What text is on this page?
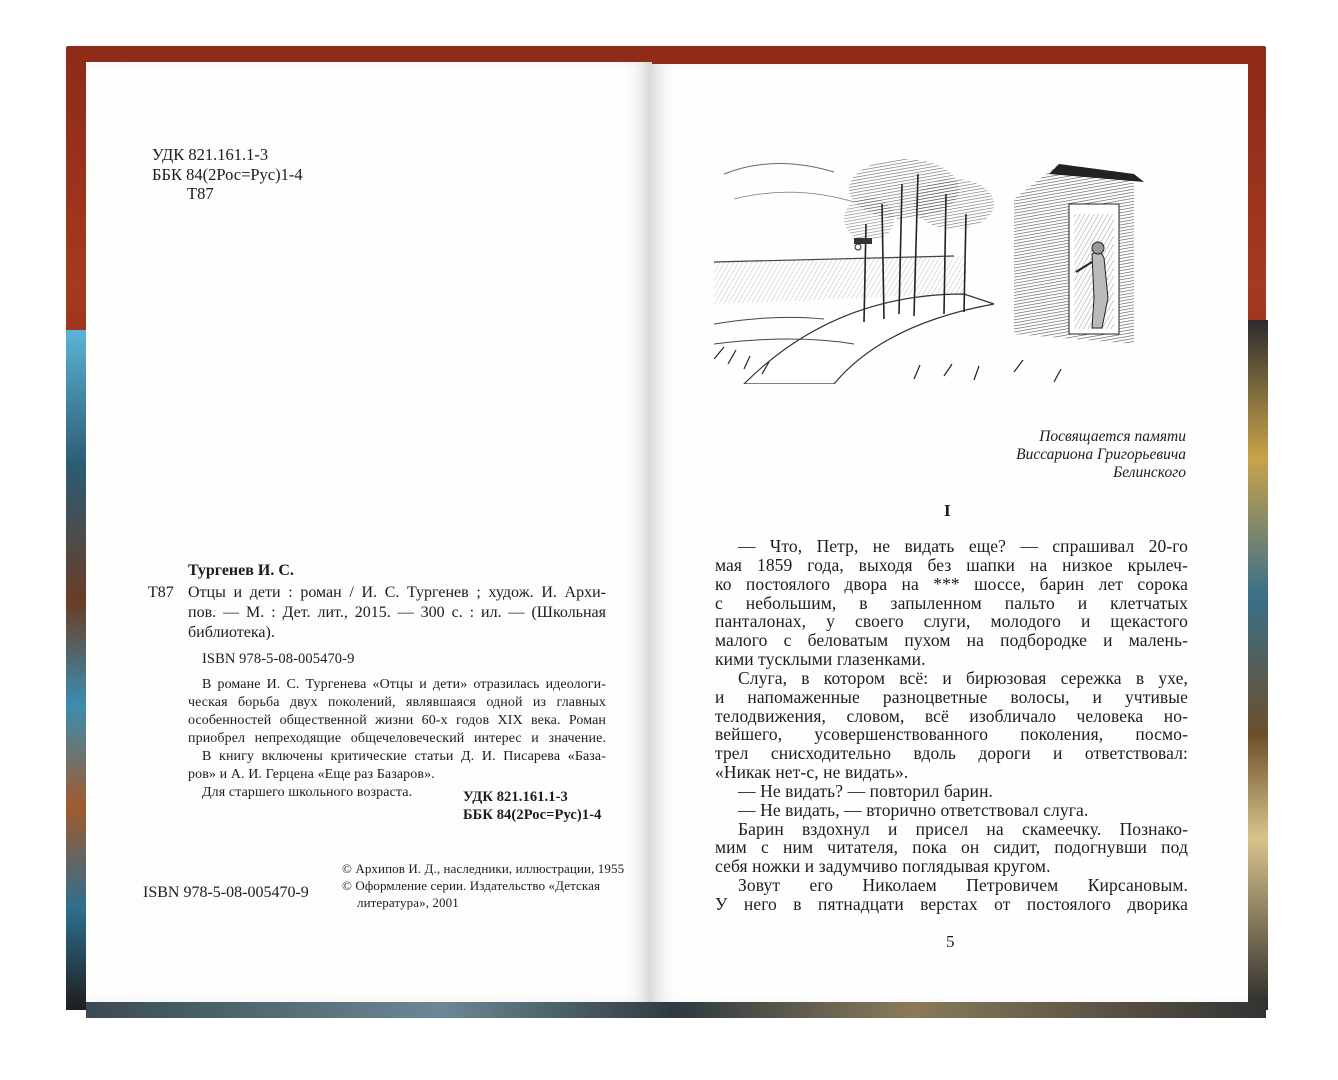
УДК 821.161.1-3
ББК 84(2Рос=Рус)1-4
Т87
Тургенев И. С.
Т87 Отцы и дети : роман / И. С. Тургенев ; худож. И. Архи-
пов. — М. : Дет. лит., 2015. — 300 с. : ил. — (Школьная
библиотека).
ISBN 978-5-08-005470-9
В романе И. С. Тургенева «Отцы и дети» отразилась идеологи-
ческая борьба двух поколений, являвшаяся одной из главных
особенностей общественной жизни 60-х годов XIX века. Роман
приобрел непреходящие общечеловеческий интерес и значение.
В книгу включены критические статьи Д. И. Писарева «База-
ров» и А. И. Герцена «Еще раз Базаров».
Для старшего школьного возраста.	УДК 821.161.1-3
ББК 84(2Рос=Рус)1-4
© Архипов И. Д., наследники, иллюстрации, 1955
© Оформление серии. Издательство «Детская
литература», 2001
ISBN 978-5-08-005470-9
Посвящается памяти
Виссариона Григорьевича
Белинского
I
— Что, Петр, не видать еще? — спрашивал 20-го
мая 1859 года, выходя без шапки на низкое крылеч-
ко постоялого двора на *** шоссе, барин лет сорока
с небольшим, в запыленном пальто и клетчатых
панталонах, у своего слуги, молодого и щекастого
малого с беловатым пухом на подбородке и малень-
кими тусклыми глазенками.
Слуга, в котором всё: и бирюзовая сережка в ухе,
и напомаженные разноцветные волосы, и учтивые
телодвижения, словом, всё изобличало человека но-
вейшего, усовершенствованного поколения, посмо-
трел снисходительно вдоль дороги и ответствовал:
«Никак нет-с, не видать».
— Не видать? — повторил барин.
— Не видать, — вторично ответствовал слуга.
Барин вздохнул и присел на скамеечку. Познако-
мим с ним читателя, пока он сидит, подогнувши под
себя ножки и задумчиво поглядывая кругом.
Зовут его Николаем Петровичем Кирсановым.
У него в пятнадцати верстах от постоялого дворика
5
